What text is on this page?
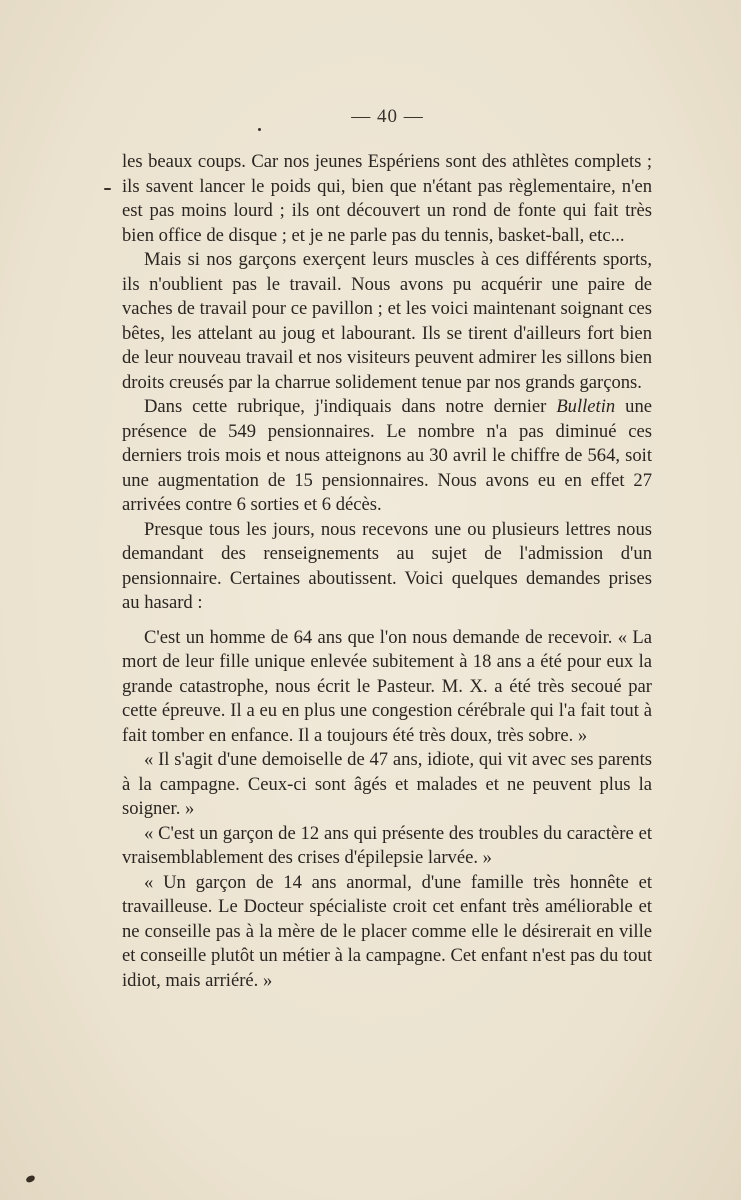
— 40 —

les beaux coups. Car nos jeunes Espériens sont des athlètes complets ; ils savent lancer le poids qui, bien que n'étant pas règlementaire, n'en est pas moins lourd ; ils ont découvert un rond de fonte qui fait très bien office de disque ; et je ne parle pas du tennis, basket-ball, etc...

Mais si nos garçons exerçent leurs muscles à ces différents sports, ils n'oublient pas le travail. Nous avons pu acquérir une paire de vaches de travail pour ce pavillon ; et les voici maintenant soignant ces bêtes, les attelant au joug et labourant. Ils se tirent d'ailleurs fort bien de leur nouveau travail et nos visiteurs peuvent admirer les sillons bien droits creusés par la charrue solidement tenue par nos grands garçons.

Dans cette rubrique, j'indiquais dans notre dernier Bulletin une présence de 549 pensionnaires. Le nombre n'a pas diminué ces derniers trois mois et nous atteignons au 30 avril le chiffre de 564, soit une augmentation de 15 pensionnaires. Nous avons eu en effet 27 arrivées contre 6 sorties et 6 décès.

Presque tous les jours, nous recevons une ou plusieurs lettres nous demandant des renseignements au sujet de l'admission d'un pensionnaire. Certaines aboutissent. Voici quelques demandes prises au hasard :

C'est un homme de 64 ans que l'on nous demande de recevoir. « La mort de leur fille unique enlevée subitement à 18 ans a été pour eux la grande catastrophe, nous écrit le Pasteur. M. X. a été très secoué par cette épreuve. Il a eu en plus une congestion cérébrale qui l'a fait tout à fait tomber en enfance. Il a toujours été très doux, très sobre. »

« Il s'agit d'une demoiselle de 47 ans, idiote, qui vit avec ses parents à la campagne. Ceux-ci sont âgés et malades et ne peuvent plus la soigner. »

« C'est un garçon de 12 ans qui présente des troubles du caractère et vraisemblablement des crises d'épilepsie larvée. »

« Un garçon de 14 ans anormal, d'une famille très honnête et travailleuse. Le Docteur spécialiste croit cet enfant très améliorable et ne conseille pas à la mère de le placer comme elle le désirerait en ville et conseille plutôt un métier à la campagne. Cet enfant n'est pas du tout idiot, mais arriéré. »
